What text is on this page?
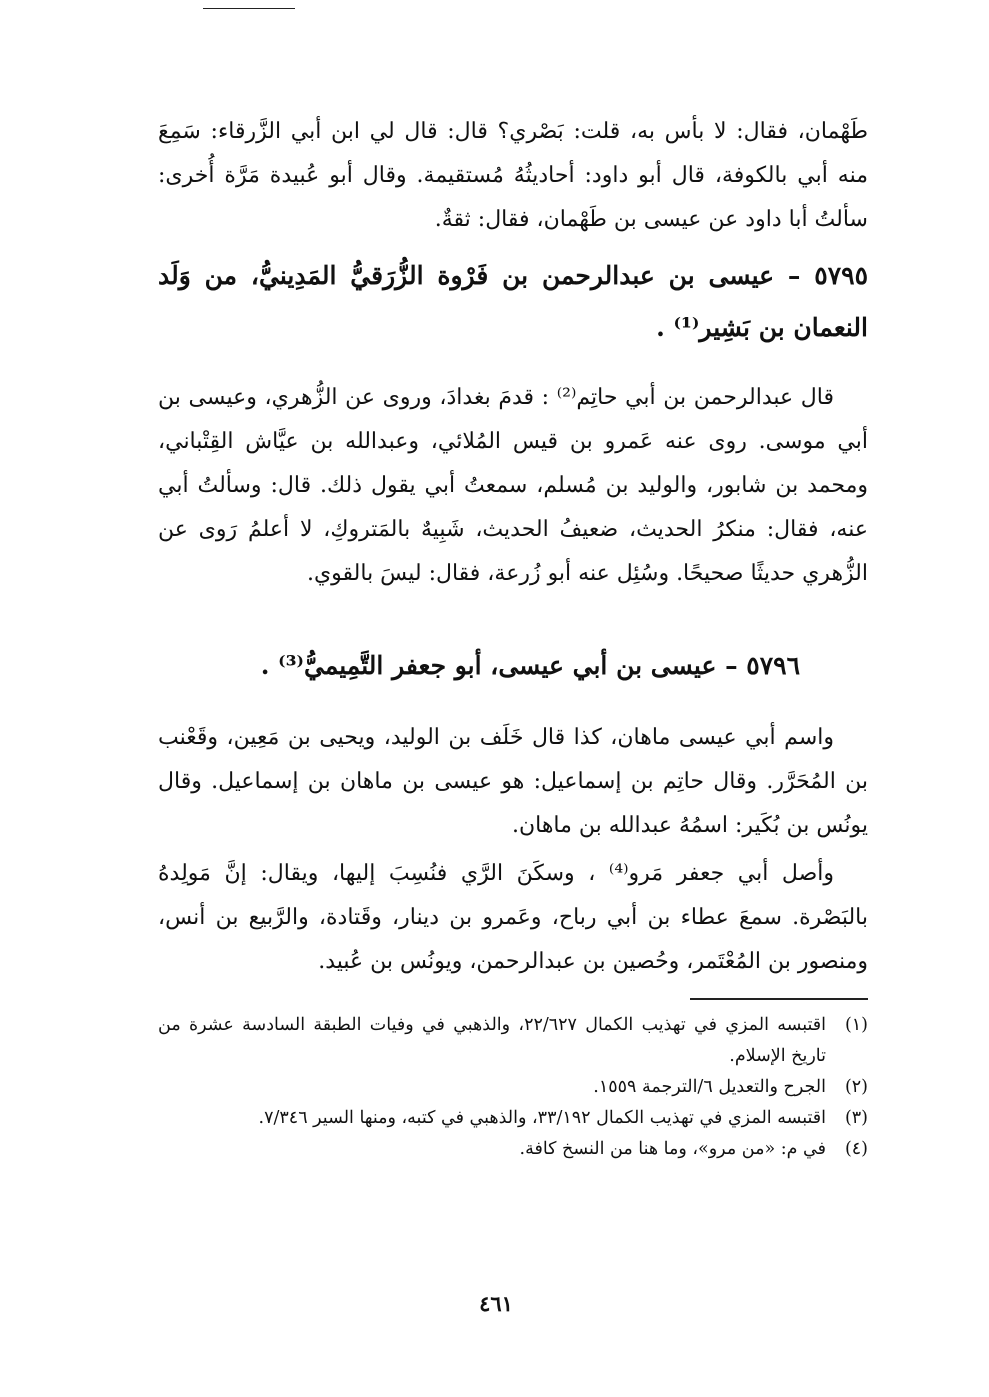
طَهْمان، فقال: لا بأس به، قلت: بَصْري؟ قال: قال لي ابن أبي الزَّرقاء: سَمِعَ منه أبي بالكوفة، قال أبو داود: أحاديثُهُ مُستقيمة. وقال أبو عُبيدة مَرَّة أُخرى: سألتُ أبا داود عن عيسى بن طَهْمان، فقال: ثقةٌ.

٥٧٩٥ – عيسى بن عبدالرحمن بن فَرْوة الزُّرَقيُّ المَدِينيُّ، من وَلَد النعمان بن بَشِير⁽¹⁾ .

قال عبدالرحمن بن أبي حاتِم⁽²⁾ : قدمَ بغدادَ، وروى عن الزُّهري، وعيسى بن أبي موسى. روى عنه عَمرو بن قيس المُلائي، وعبدالله بن عيَّاش القِتْباني، ومحمد بن شابور، والوليد بن مُسلم، سمعتُ أبي يقول ذلك. قال: وسألتُ أبي عنه، فقال: منكرُ الحديث، ضعيفُ الحديث، شَبِيهٌ بالمَتروكِ، لا أعلمُ رَوى عن الزُّهري حديثًا صحيحًا. وسُئِل عنه أبو زُرعة، فقال: ليسَ بالقوي.

٥٧٩٦ – عيسى بن أبي عيسى، أبو جعفر التَّمِيميُّ⁽³⁾ .

واسم أبي عيسى ماهان، كذا قال خَلَف بن الوليد، ويحيى بن مَعِين، وقَعْنب بن المُحَرَّر. وقال حاتِم بن إسماعيل: هو عيسى بن ماهان بن إسماعيل. وقال يونُس بن بُكَير: اسمُهُ عبدالله بن ماهان.

وأصل أبي جعفر مَرو⁽⁴⁾ ، وسكَنَ الرَّي فنُسِبَ إليها، ويقال: إنَّ مَولِدهُ بالبَصْرة. سمعَ عطاء بن أبي رباح، وعَمرو بن دينار، وقَتادة، والرَّبيع بن أنس، ومنصور بن المُعْتَمر، وحُصين بن عبدالرحمن، ويونُس بن عُبيد.

(١)
اقتبسه المزي في تهذيب الكمال ٢٢/٦٢٧، والذهبي في وفيات الطبقة السادسة عشرة من تاريخ الإسلام.
(٢)
الجرح والتعديل ٦/الترجمة ١٥٥٩.
(٣)
اقتبسه المزي في تهذيب الكمال ٣٣/١٩٢، والذهبي في كتبه، ومنها السير ٧/٣٤٦.
(٤)
في م: «من مرو»، وما هنا من النسخ كافة.
٤٦١
